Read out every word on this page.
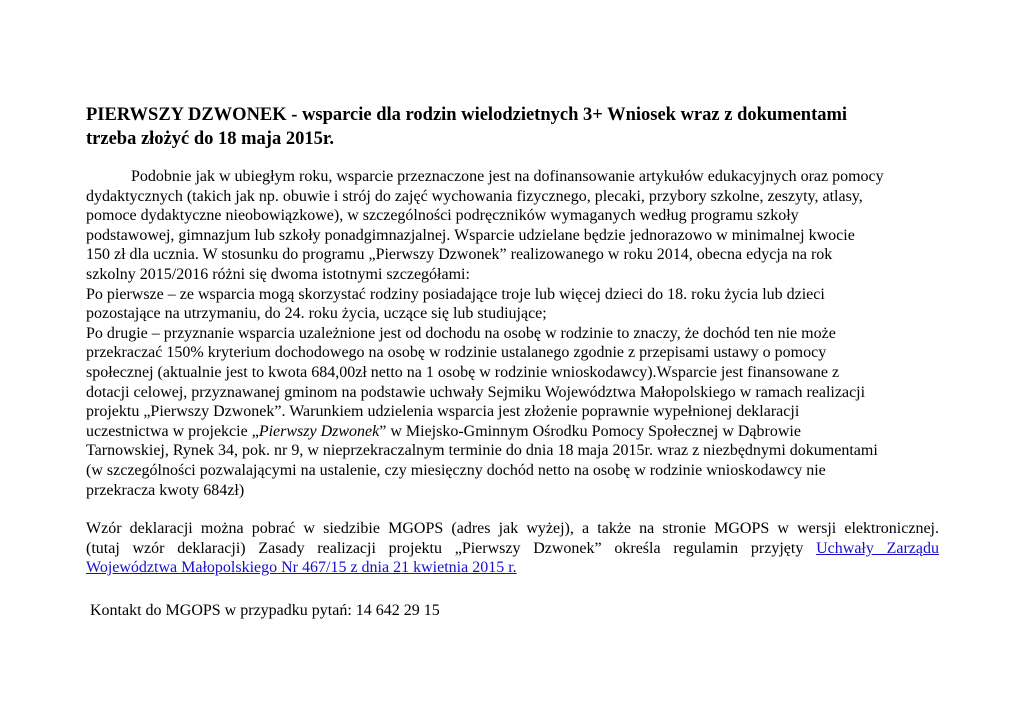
PIERWSZY DZWONEK - wsparcie dla rodzin wielodzietnych 3+ Wniosek wraz z dokumentami
trzeba złożyć do 18 maja 2015r.
Podobnie jak w ubiegłym roku, wsparcie przeznaczone jest na dofinansowanie artykułów edukacyjnych oraz pomocy
dydaktycznych (takich jak np. obuwie i strój do zajęć wychowania fizycznego, plecaki, przybory szkolne, zeszyty, atlasy,
pomoce dydaktyczne nieobowiązkowe), w szczególności podręczników wymaganych według programu szkoły
podstawowej, gimnazjum lub szkoły ponadgimnazjalnej. Wsparcie udzielane będzie jednorazowo w minimalnej kwocie
150 zł dla ucznia. W stosunku do programu „Pierwszy Dzwonek” realizowanego w roku 2014, obecna edycja na rok
szkolny 2015/2016 różni się dwoma istotnymi szczegółami:
Po pierwsze – ze wsparcia mogą skorzystać rodziny posiadające troje lub więcej dzieci do 18. roku życia lub dzieci
pozostające na utrzymaniu, do 24. roku życia, uczące się lub studiujące;
Po drugie – przyznanie wsparcia uzależnione jest od dochodu na osobę w rodzinie to znaczy, że dochód ten nie może
przekraczać 150% kryterium dochodowego na osobę w rodzinie ustalanego zgodnie z przepisami ustawy o pomocy
społecznej (aktualnie jest to kwota 684,00zł netto na 1 osobę w rodzinie wnioskodawcy).Wsparcie jest finansowane z
dotacji celowej, przyznawanej gminom na podstawie uchwały Sejmiku Województwa Małopolskiego w ramach realizacji
projektu „Pierwszy Dzwonek”. Warunkiem udzielenia wsparcia jest złożenie poprawnie wypełnionej deklaracji
uczestnictwa w projekcie „Pierwszy Dzwonek” w Miejsko-Gminnym Ośrodku Pomocy Społecznej w Dąbrowie
Tarnowskiej, Rynek 34, pok. nr 9, w nieprzekraczalnym terminie do dnia 18 maja 2015r. wraz z niezbędnymi dokumentami
(w szczególności pozwalającymi na ustalenie, czy miesięczny dochód netto na osobę w rodzinie wnioskodawcy nie
przekracza kwoty 684zł)
Wzór deklaracji można pobrać w siedzibie MGOPS (adres jak wyżej), a także na stronie MGOPS w wersji elektronicznej.
(tutaj wzór deklaracji) Zasady realizacji projektu „Pierwszy Dzwonek” określa regulamin przyjęty Uchwały Zarządu
Województwa Małopolskiego Nr 467/15 z dnia 21 kwietnia 2015 r.
Kontakt do MGOPS w przypadku pytań: 14 642 29 15
